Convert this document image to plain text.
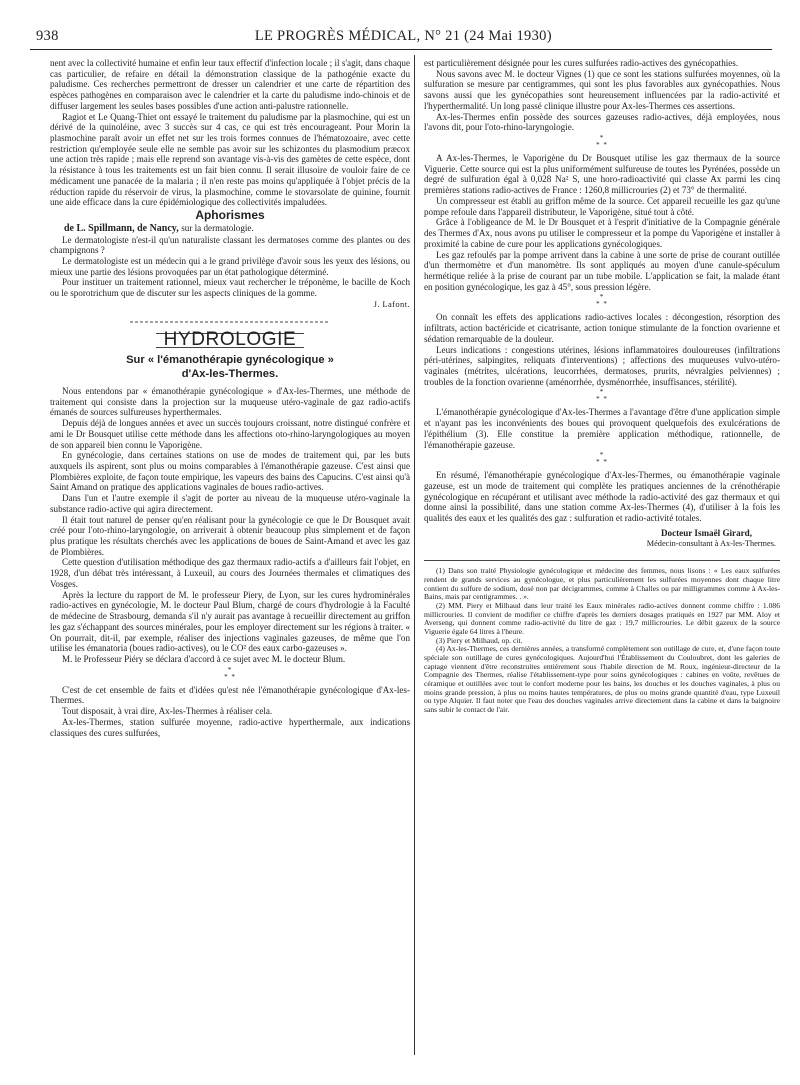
938	LE PROGRÈS MÉDICAL, N° 21 (24 Mai 1930)

nent avec la collectivité humaine et enfin leur taux effectif d'infection locale ; il s'agit, dans chaque cas particulier, de refaire en détail la démonstration classique de la pathogénie exacte du paludisme. Ces recherches permettront de dresser un calendrier et une carte de répartition des espèces pathogènes en comparaison avec le calendrier et la carte du paludisme indo-chinois et de diffuser largement les seules bases possibles d'une action anti-palustre rationnelle.

Ragiot et Le Quang-Thiet ont essayé le traitement du paludisme par la plasmochine, qui est un dérivé de la quinoléine, avec 3 succès sur 4 cas, ce qui est très encourageant. Pour Morin la plasmochine paraît avoir un effet net sur les trois formes connues de l'hématozoaire, avec cette restriction qu'employée seule elle ne semble pas avoir sur les schizontes du plasmodium præcox une action très rapide ; mais elle reprend son avantage vis-à-vis des gamètes de cette espèce, dont la résistance à tous les traitements est un fait bien connu. Il serait illusoire de vouloir faire de ce médicament une panacée de la malaria ; il n'en reste pas moins qu'appliquée à l'objet précis de la réduction rapide du réservoir de virus, la plasmochine, comme le stovarsolate de quinine, fournit une aide efficace dans la cure épidémiologique des collectivités impaludées.

Aphorismes
de L. Spillmann, de Nancy, sur la dermatologie.

Le dermatologiste n'est-il qu'un naturaliste classant les dermatoses comme des plantes ou des champignons ?

Le dermatologiste est un médecin qui a le grand privilège d'avoir sous les yeux des lésions, ou mieux une partie des lésions provoquées par un état pathologique déterminé.

Pour instituer un traitement rationnel, mieux vaut rechercher le tréponème, le bacille de Koch ou le sporotrichum que de discuter sur les aspects cliniques de la gomme.

J. Lafont.
HYDROLOGIE
Sur « l'émanothérapie gynécologique »
d'Ax-les-Thermes.

Nous entendons par « émanothérapie gynécologique » d'Ax-les-Thermes, une méthode de traitement qui consiste dans la projection sur la muqueuse utéro-vaginale de gaz radio-actifs émanés de sources sulfureuses hyperthermales.

Depuis déjà de longues années et avec un succès toujours croissant, notre distingué confrère et ami le Dr Bousquet utilise cette méthode dans les affections oto-rhino-laryngologiques au moyen de son appareil bien connu le Vaporigène.

En gynécologie, dans certaines stations on use de modes de traitement qui, par les buts auxquels ils aspirent, sont plus ou moins comparables à l'émanothérapie gazeuse. C'est ainsi que Plombières exploite, de façon toute empirique, les vapeurs des bains des Capucins. C'est ainsi qu'à Saint Amand on pratique des applications vaginales de boues radio-actives.

Dans l'un et l'autre exemple il s'agit de porter au niveau de la muqueuse utéro-vaginale la substance radio-active qui agira directement.

Il était tout naturel de penser qu'en réalisant pour la gynécologie ce que le Dr Bousquet avait créé pour l'oto-rhino-laryngologie, on arriverait à obtenir beaucoup plus simplement et de façon plus pratique les résultats cherchés avec les applications de boues de Saint-Amand et avec les gaz de Plombières.

Cette question d'utilisation méthodique des gaz thermaux radio-actifs a d'ailleurs fait l'objet, en 1928, d'un débat très intéressant, à Luxeuil, au cours des Journées thermales et climatiques des Vosges.

Après la lecture du rapport de M. le professeur Piery, de Lyon, sur les cures hydrominérales radio-actives en gynécologie, M. le docteur Paul Blum, chargé de cours d'hydrologie à la Faculté de médecine de Strasbourg, demanda s'il n'y aurait pas avantage à recueillir directement au griffon les gaz s'échappant des sources minérales, pour les employer directement sur les régions à traiter. « On pourrait, dit-il, par exemple, réaliser des injections vaginales gazeuses, de même que l'on utilise les émanatoria (boues radio-actives), ou le CO² des eaux carbo-gazeuses ».

M. le Professeur Piéry se déclara d'accord à ce sujet avec M. le docteur Blum.

*
* *

C'est de cet ensemble de faits et d'idées qu'est née l'émanothérapie gynécologique d'Ax-les-Thermes.

Tout disposait, à vrai dire, Ax-les-Thermes à réaliser cela.

Ax-les-Thermes, station sulfurée moyenne, radio-active hyperthermale, aux indications classiques des cures sulfurées,

est particulièrement désignée pour les cures sulfurées radio-actives des gynécopathies.

Nous savons avec M. le docteur Vignes (1) que ce sont les stations sulfurées moyennes, où la sulfuration se mesure par centigrammes, qui sont les plus favorables aux gynécopathies. Nous savons aussi que les gynécopathies sont heureusement influencées par la radio-activité et l'hyperthermalité. Un long passé clinique illustre pour Ax-les-Thermes ces assertions.

Ax-les-Thermes enfin possède des sources gazeuses radio-actives, déjà employées, nous l'avons dit, pour l'oto-rhino-laryngologie.

*
* *

A Ax-les-Thermes, le Vaporigène du Dr Bousquet utilise les gaz thermaux de la source Viguerie. Cette source qui est la plus uniformément sulfureuse de toutes les Pyrénées, possède un degré de sulfuration égal à 0,028 Na² S, une horo-radioactivité qui classe Ax parmi les cinq premières stations radio-actives de France : 1260,8 millicrouries (2) et 73° de thermalité.

Un compresseur est établi au griffon même de la source. Cet appareil recueille les gaz qu'une pompe refoule dans l'appareil distributeur, le Vaporigène, situé tout à côté.

Grâce à l'obligeance de M. le Dr Bousquet et à l'esprit d'initiative de la Compagnie générale des Thermes d'Ax, nous avons pu utiliser le compresseur et la pompe du Vaporigène et installer à proximité la cabine de cure pour les applications gynécologiques.

Les gaz refoulés par la pompe arrivent dans la cabine à une sorte de prise de courant outillée d'un thermomètre et d'un manomètre. Ils sont appliqués au moyen d'une canule-spéculum hermétique reliée à la prise de courant par un tube mobile. L'application se fait, la malade étant en position gynécologique, les gaz à 45°, sous pression légère.

*
* *

On connaît les effets des applications radio-actives locales : décongestion, résorption des infiltrats, action bactéricide et cicatrisante, action tonique stimulante de la fonction ovarienne et sédation remarquable de la douleur.

Leurs indications : congestions utérines, lésions inflammatoires douloureuses (infiltrations péri-utérines, salpingites, reliquats d'interventions) ; affections des muqueuses vulvo-utéro-vaginales (métrites, ulcérations, leucorrhées, dermatoses, prurits, névralgies pelviennes) ; troubles de la fonction ovarienne (aménorrhée, dysménorrhée, insuffisances, stérilité).

*
* *

L'émanothérapie gynécologique d'Ax-les-Thermes a l'avantage d'être d'une application simple et n'ayant pas les inconvénients des boues qui provoquent quelquefois des exulcérations de l'épithélium (3). Elle constitue la première application méthodique, rationnelle, de l'émanothérapie gazeuse.

*
* *

En résumé, l'émanothérapie gynécologique d'Ax-les-Thermes, ou émanothérapie vaginale gazeuse, est un mode de traitement qui complète les pratiques anciennes de la crénothérapie gynécologique en récupérant et utilisant avec méthode la radio-activité des gaz thermaux et qui donne ainsi la possibilité, dans une station comme Ax-les-Thermes (4), d'utiliser à la fois les qualités des eaux et les qualités des gaz : sulfuration et radio-activité totales.

Docteur Ismaël Girard,
Médecin-consultant à Ax-les-Thermes.

(1) Dans son traité Physiologie gynécologique et médecine des femmes, nous lisons : « Les eaux sulfurées rendent de grands services au gynécologue, et plus particulièrement les sulfurées moyennes dont chaque litre contient du sulfure de sodium, dosé non par décigrammes, comme à Challes ou par milligrammes comme à Ax-les-Bains, mais par centigrammes. . ».

(2) MM. Piery et Milhaud dans leur traité les Eaux minérales radio-actives donnent comme chiffre : 1.086 millicrouries. Il convient de modifier ce chiffre d'après les derniers dosages pratiqués en 1927 par MM. Aloy et Averseng, qui donnent comme radio-activité du litre de gaz : 19,7 millicrouries. Le débit gazeux de la source Viguerie égale 64 litres à l'heure.

(3) Piery et Milhaud, op. cit.

(4) Ax-les-Thermes, ces dernières années, a transformé complètement son outillage de cure, et, d'une façon toute spéciale son outillage de cures gynécologiques. Aujourd'hui l'Établissement du Couloubret, dont les galeries de captage viennent d'être reconstruites entièrement sous l'habile direction de M. Roux, ingénieur-directeur de la Compagnie des Thermes, réalise l'établissement-type pour soins gynécologiques : cabines en voûte, revêtues de céramique et outillées avec tout le confort moderne pour les bains, les douches et les douches vaginales, à plus ou moins grande pression, à plus ou moins hautes températures, de plus ou moins grande quantité d'eau, type Luxeuil ou type Alquier. Il faut noter que l'eau des douches vaginales arrive directement dans la cabine et dans la baignoire sans subir le contact de l'air.
